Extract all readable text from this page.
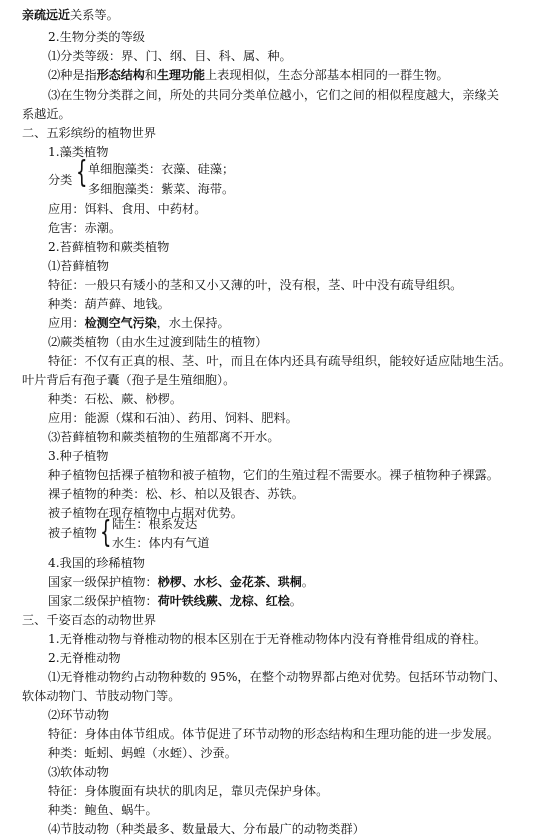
亲疏远近关系等。
2.生物分类的等级
⑴分类等级：界、门、纲、目、科、属、种。
⑵种是指形态结构和生理功能上表现相似，生态分部基本相同的一群生物。
⑶在生物分类群之间，所处的共同分类单位越小，它们之间的相似程度越大，亲缘关
系越近。
二、五彩缤纷的植物世界
1.藻类植物
分类 { 单细胞藻类：衣藻、硅藻；
多细胞藻类：紫菜、海带。
应用：饵料、食用、中药材。
危害：赤潮。
2.苔藓植物和蕨类植物
⑴苔藓植物
特征：一般只有矮小的茎和又小又薄的叶，没有根，茎、叶中没有疏导组织。
种类：葫芦藓、地钱。
应用：检测空气污染，水土保持。
⑵蕨类植物（由水生过渡到陆生的植物）
特征：不仅有正真的根、茎、叶，而且在体内还具有疏导组织，能较好适应陆地生活。
叶片背后有孢子囊（孢子是生殖细胞）。
种类：石松、蕨、桫椤。
应用：能源（煤和石油）、药用、饲料、肥料。
⑶苔藓植物和蕨类植物的生殖都离不开水。
3.种子植物
种子植物包括裸子植物和被子植物，它们的生殖过程不需要水。裸子植物种子裸露。
裸子植物的种类：松、杉、柏以及银杏、苏铁。
被子植物在现存植物中占据对优势。
被子植物 { 陆生：根系发达
水生：体内有气道
4.我国的珍稀植物
国家一级保护植物：桫椤、水杉、金花茶、珙桐。
国家二级保护植物：荷叶铁线蕨、龙棕、红桧。
三、千姿百态的动物世界
1.无脊椎动物与脊椎动物的根本区别在于无脊椎动物体内没有脊椎骨组成的脊柱。
2.无脊椎动物
⑴无脊椎动物约占动物种数的 95%，在整个动物界都占绝对优势。包括环节动物门、
软体动物门、节肢动物门等。
⑵环节动物
特征：身体由体节组成。体节促进了环节动物的形态结构和生理功能的进一步发展。
种类：蚯蚓、蚂蝗（水蛭）、沙蚕。
⑶软体动物
特征：身体腹面有块状的肌肉足，靠贝壳保护身体。
种类：鲍鱼、蜗牛。
⑷节肢动物（种类最多、数量最大、分布最广的动物类群）
